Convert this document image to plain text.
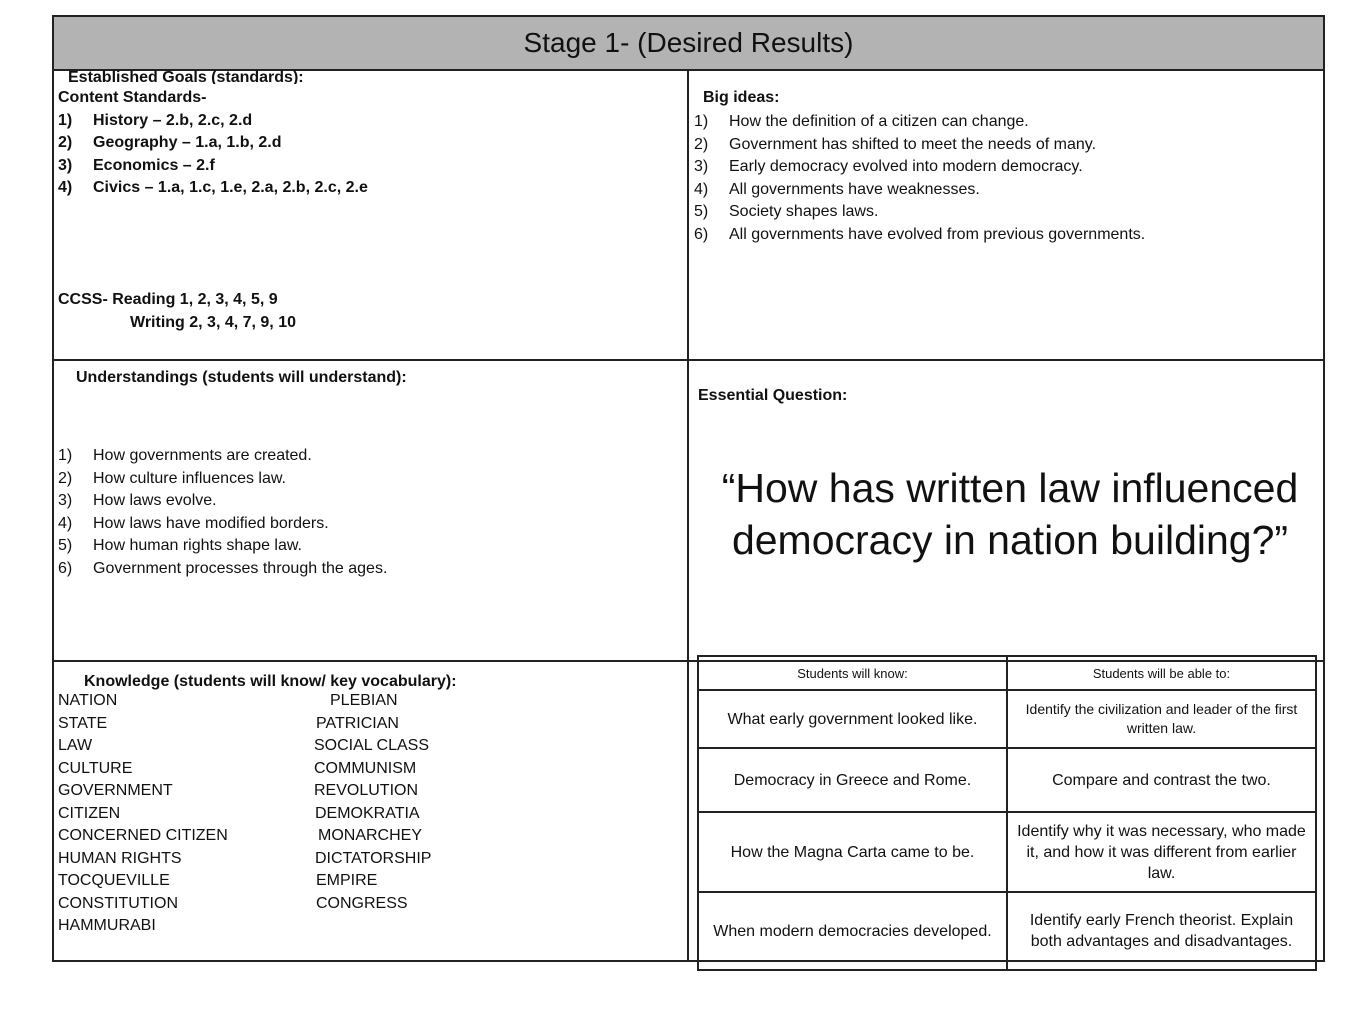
Stage 1- (Desired Results)
Established Goals (standards):
Content Standards-
1)	History – 2.b, 2.c, 2.d
2)	Geography – 1.a, 1.b, 2.d
3)	Economics – 2.f
4)	Civics – 1.a, 1.c, 1.e, 2.a, 2.b, 2.c, 2.e
CCSS- Reading 1, 2, 3, 4, 5, 9
Writing 2, 3, 4, 7, 9, 10
Big ideas:
1)	How the definition of a citizen can change.
2)	Government has shifted to meet the needs of many.
3)	Early democracy evolved into modern democracy.
4)	All governments have weaknesses.
5)	Society shapes laws.
6)	All governments have evolved from previous governments.
Understandings (students will understand):
1)	How governments are created.
2)	How culture influences law.
3)	How laws evolve.
4)	How laws have modified borders.
5)	How human rights shape law.
6)	Government processes through the ages.
Essential Question:
“How has written law influenced democracy in nation building?”
Knowledge (students will know/ key vocabulary):
NATION	PLEBIAN
STATE	PATRICIAN
LAW	SOCIAL CLASS
CULTURE	COMMUNISM
GOVERNMENT	REVOLUTION
CITIZEN	DEMOKRATIA
CONCERNED CITIZEN	MONARCHEY
HUMAN RIGHTS	DICTATORSHIP
TOCQUEVILLE	EMPIRE
CONSTITUTION	CONGRESS
HAMMURABI
Students will know:	Students will be able to:
What early government looked like.	Identify the civilization and leader of the first written law.
Democracy in Greece and Rome.	Compare and contrast the two.
How the Magna Carta came to be.	Identify why it was necessary, who made it, and how it was different from earlier law.
When modern democracies developed.	Identify early French theorist. Explain both advantages and disadvantages.
